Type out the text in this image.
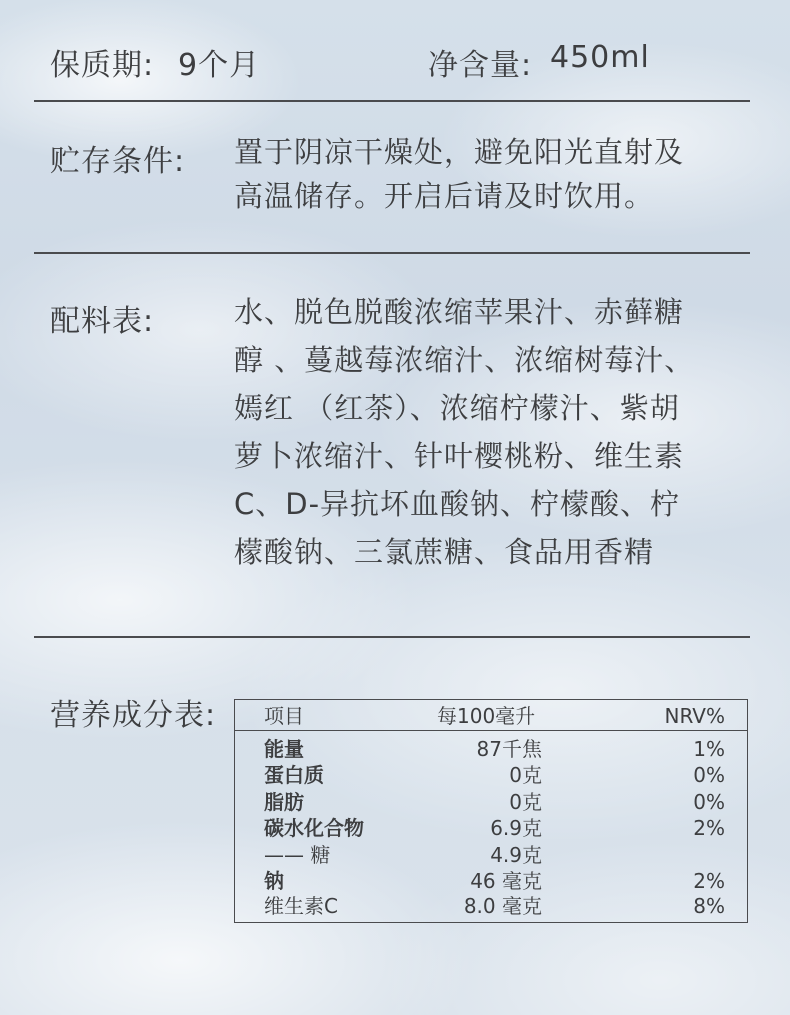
保质期: 9个月	净含量: 450ml
贮存条件: 置于阴凉干燥处，避免阳光直射及
高温储存。开启后请及时饮用。
配料表:	水、脱色脱酸浓缩苹果汁、赤藓糖
醇 、蔓越莓浓缩汁、浓缩树莓汁、
嫣红 （红茶）、浓缩柠檬汁、紫胡
萝卜浓缩汁、针叶樱桃粉、维生素
C、D-异抗坏血酸钠、柠檬酸、柠
檬酸钠、三氯蔗糖、食品用香精
营养成分表: 项目	每100毫升	NRV%
能量	87千焦	1%
蛋白质	0克	0%
脂肪	0克	0%
碳水化合物	6.9克	2%
—— 糖	4.9克
钠	46 毫克	2%
维生素C	8.0 毫克	8%
